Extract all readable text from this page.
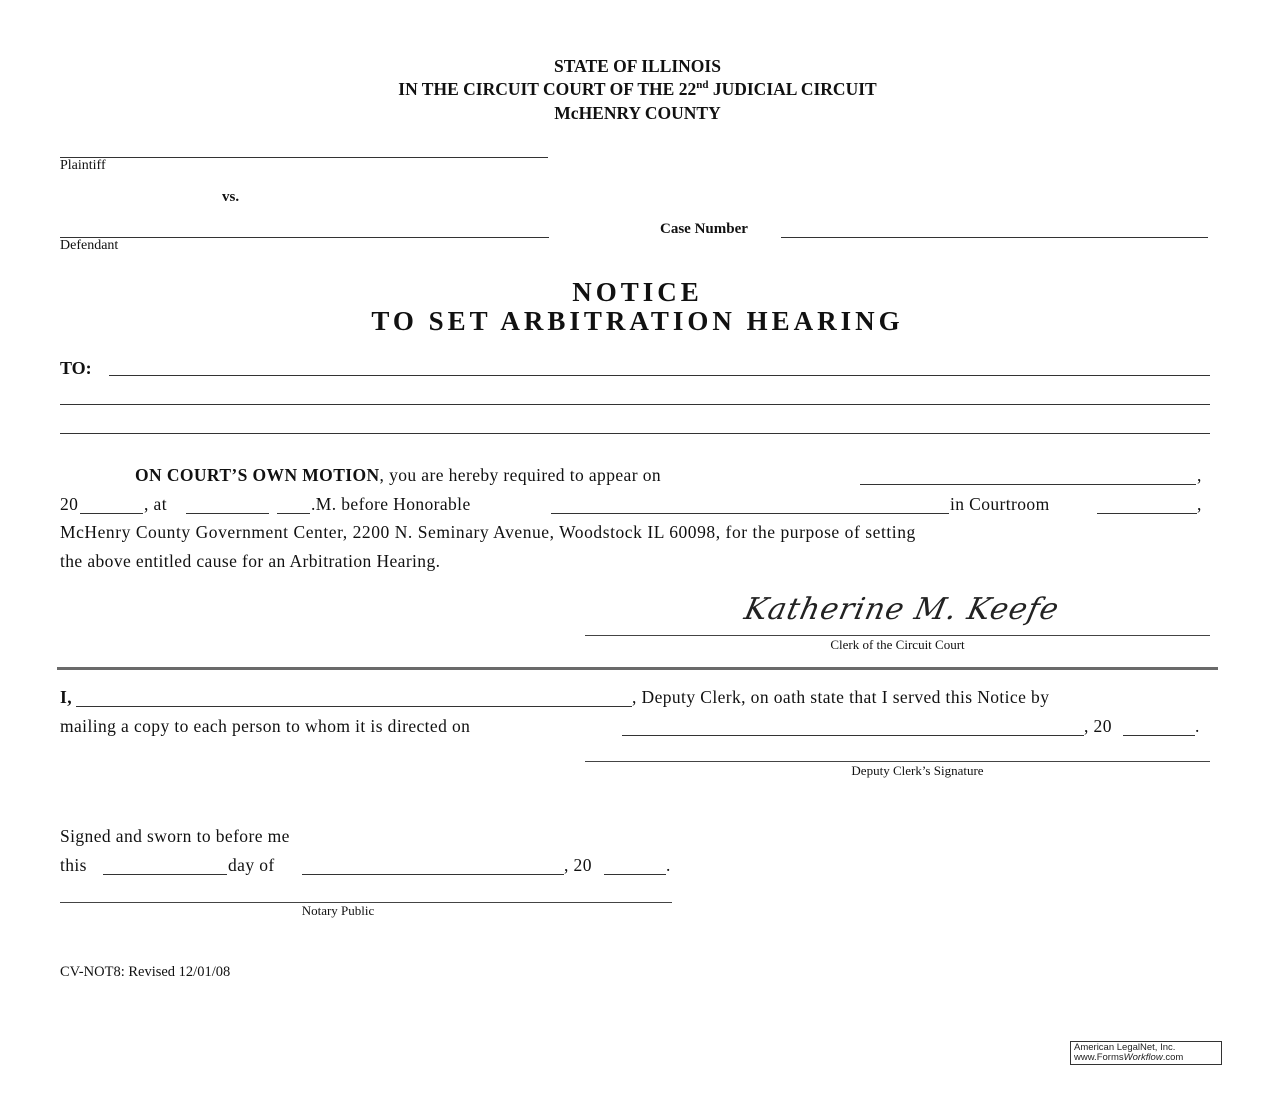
STATE OF ILLINOIS
IN THE CIRCUIT COURT OF THE 22nd JUDICIAL CIRCUIT
McHENRY COUNTY
Plaintiff
vs.
Defendant
Case Number
NOTICE
TO SET ARBITRATION HEARING
TO:
ON COURT’S OWN MOTION, you are hereby required to appear on	,
20	, at	.M. before Honorable	in Courtroom	,
McHenry County Government Center, 2200 N. Seminary Avenue, Woodstock IL 60098, for the purpose of setting
the above entitled cause for an Arbitration Hearing.
Katherine M. Keefe
Clerk of the Circuit Court
I,	, Deputy Clerk, on oath state that I served this Notice by
mailing a copy to each person to whom it is directed on	, 20	.
Deputy Clerk’s Signature
Signed and sworn to before me
this	day of	, 20	.
Notary Public
CV-NOT8: Revised 12/01/08
American LegalNet, Inc.
www.FormsWorkflow.com
